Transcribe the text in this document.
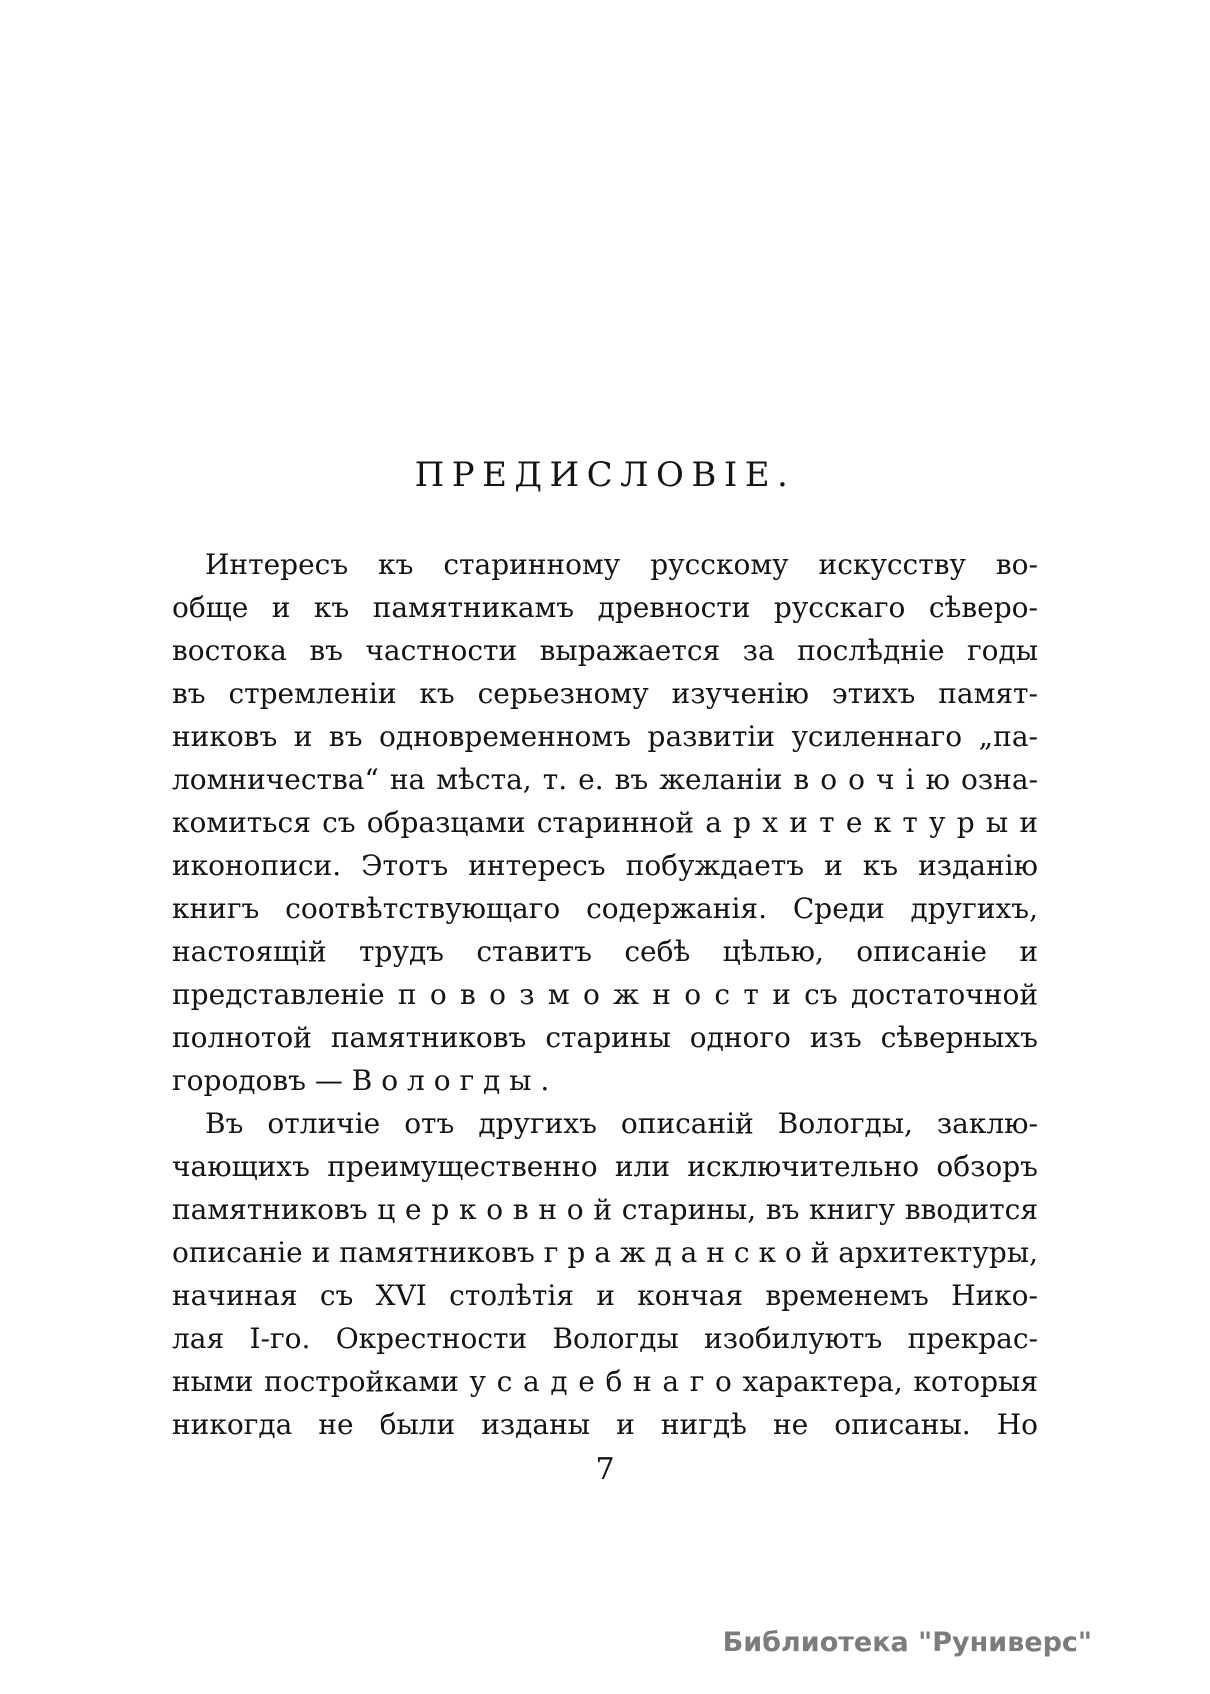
ПРЕДИСЛОВІЕ.
Интересъ къ старинному русскому искусству во-
обще и къ памятникамъ древности русскаго сѣверо-
востока въ частности выражается за послѣдніе годы
въ стремленіи къ серьезному изученію этихъ памят-
никовъ и въ одновременномъ развитіи усиленнаго „па-
ломничества“ на мѣста, т. е. въ желаніи в о о ч і ю озна-
комиться съ образцами старинной а р х и т е к т у р ы и
иконописи. Этотъ интересъ побуждаетъ и къ изданію
книгъ соотвѣтствующаго содержанія. Среди другихъ,
настоящій трудъ ставитъ себѣ цѣлью, описаніе и
представленіе п о в о з м о ж н о с т и съ достаточной
полнотой памятниковъ старины одного изъ сѣверныхъ
городовъ — В о л о г д ы .
Въ отличіе отъ другихъ описаній Вологды, заклю-
чающихъ преимущественно или исключительно обзоръ
памятниковъ ц е р к о в н о й старины, въ книгу вводится
описаніе и памятниковъ г р а ж д а н с к о й архитектуры,
начиная съ XVI столѣтія и кончая временемъ Нико-
лая І-го. Окрестности Вологды изобилуютъ прекрас-
ными постройками у с а д е б н а г о характера, которыя
никогда не были изданы и нигдѣ не описаны. Но
7
Библиотека "Руниверс"
